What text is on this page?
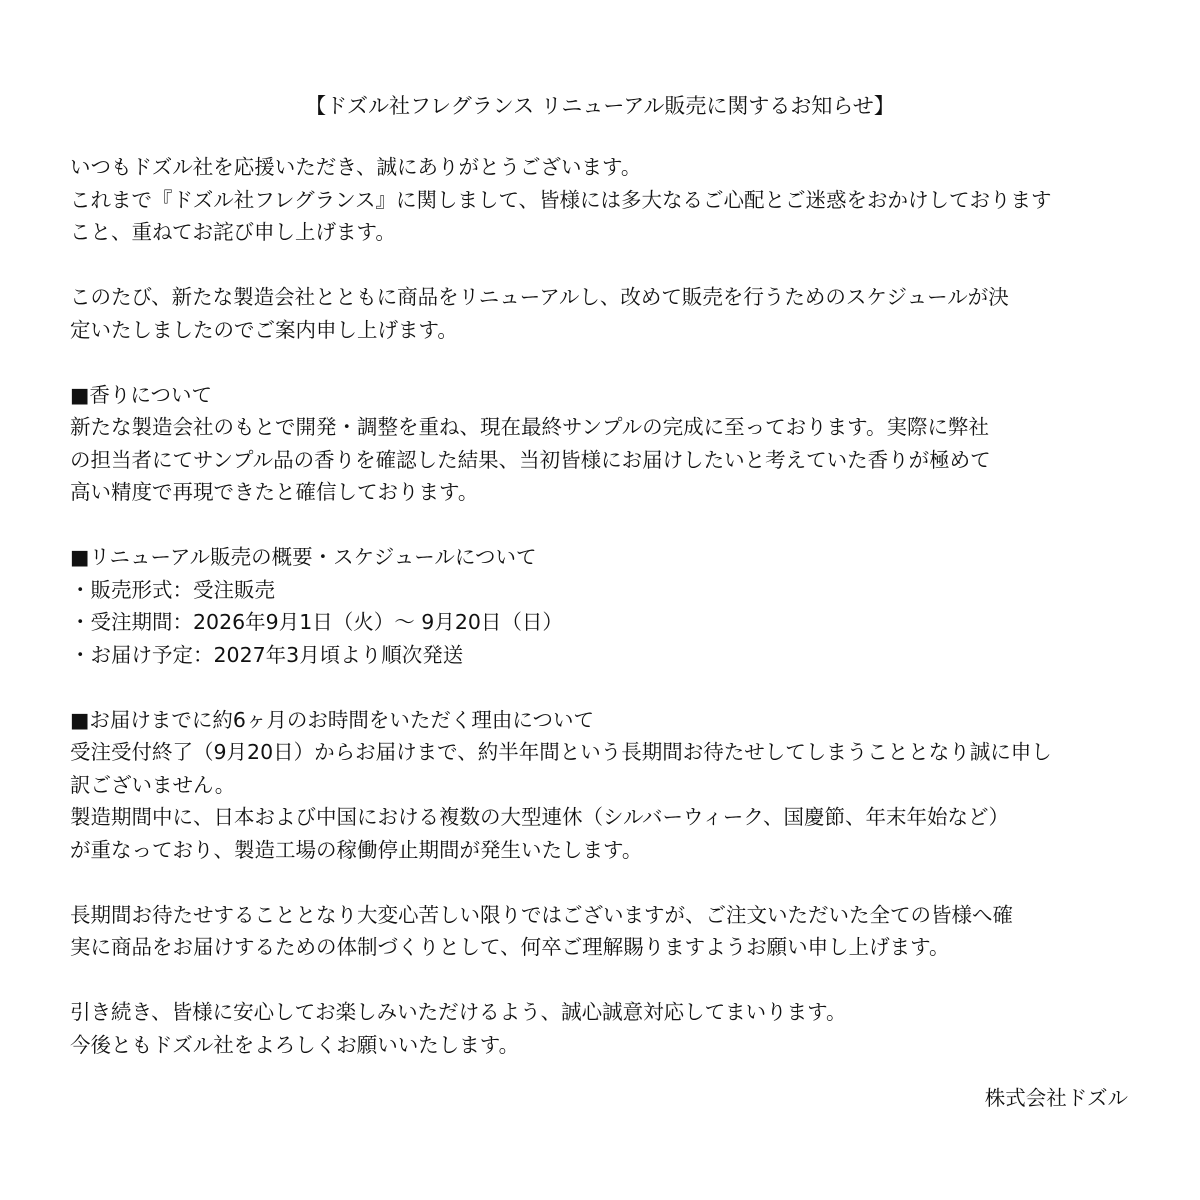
【ドズル社フレグランス リニューアル販売に関するお知らせ】

いつもドズル社を応援いただき、誠にありがとうございます。
これまで『ドズル社フレグランス』に関しまして、皆様には多大なるご心配とご迷惑をおかけしております
こと、重ねてお詫び申し上げます。

このたび、新たな製造会社とともに商品をリニューアルし、改めて販売を行うためのスケジュールが決
定いたしましたのでご案内申し上げます。

■香りについて
新たな製造会社のもとで開発・調整を重ね、現在最終サンプルの完成に至っております。実際に弊社
の担当者にてサンプル品の香りを確認した結果、当初皆様にお届けしたいと考えていた香りが極めて
高い精度で再現できたと確信しております。

■リニューアル販売の概要・スケジュールについて
・販売形式：受注販売
・受注期間：2026年9月1日（火）～ 9月20日（日）
・お届け予定：2027年3月頃より順次発送

■お届けまでに約6ヶ月のお時間をいただく理由について
受注受付終了（9月20日）からお届けまで、約半年間という長期間お待たせしてしまうこととなり誠に申し
訳ございません。
製造期間中に、日本および中国における複数の大型連休（シルバーウィーク、国慶節、年末年始など）
が重なっており、製造工場の稼働停止期間が発生いたします。

長期間お待たせすることとなり大変心苦しい限りではございますが、ご注文いただいた全ての皆様へ確
実に商品をお届けするための体制づくりとして、何卒ご理解賜りますようお願い申し上げます。

引き続き、皆様に安心してお楽しみいただけるよう、誠心誠意対応してまいります。
今後ともドズル社をよろしくお願いいたします。

株式会社ドズル
